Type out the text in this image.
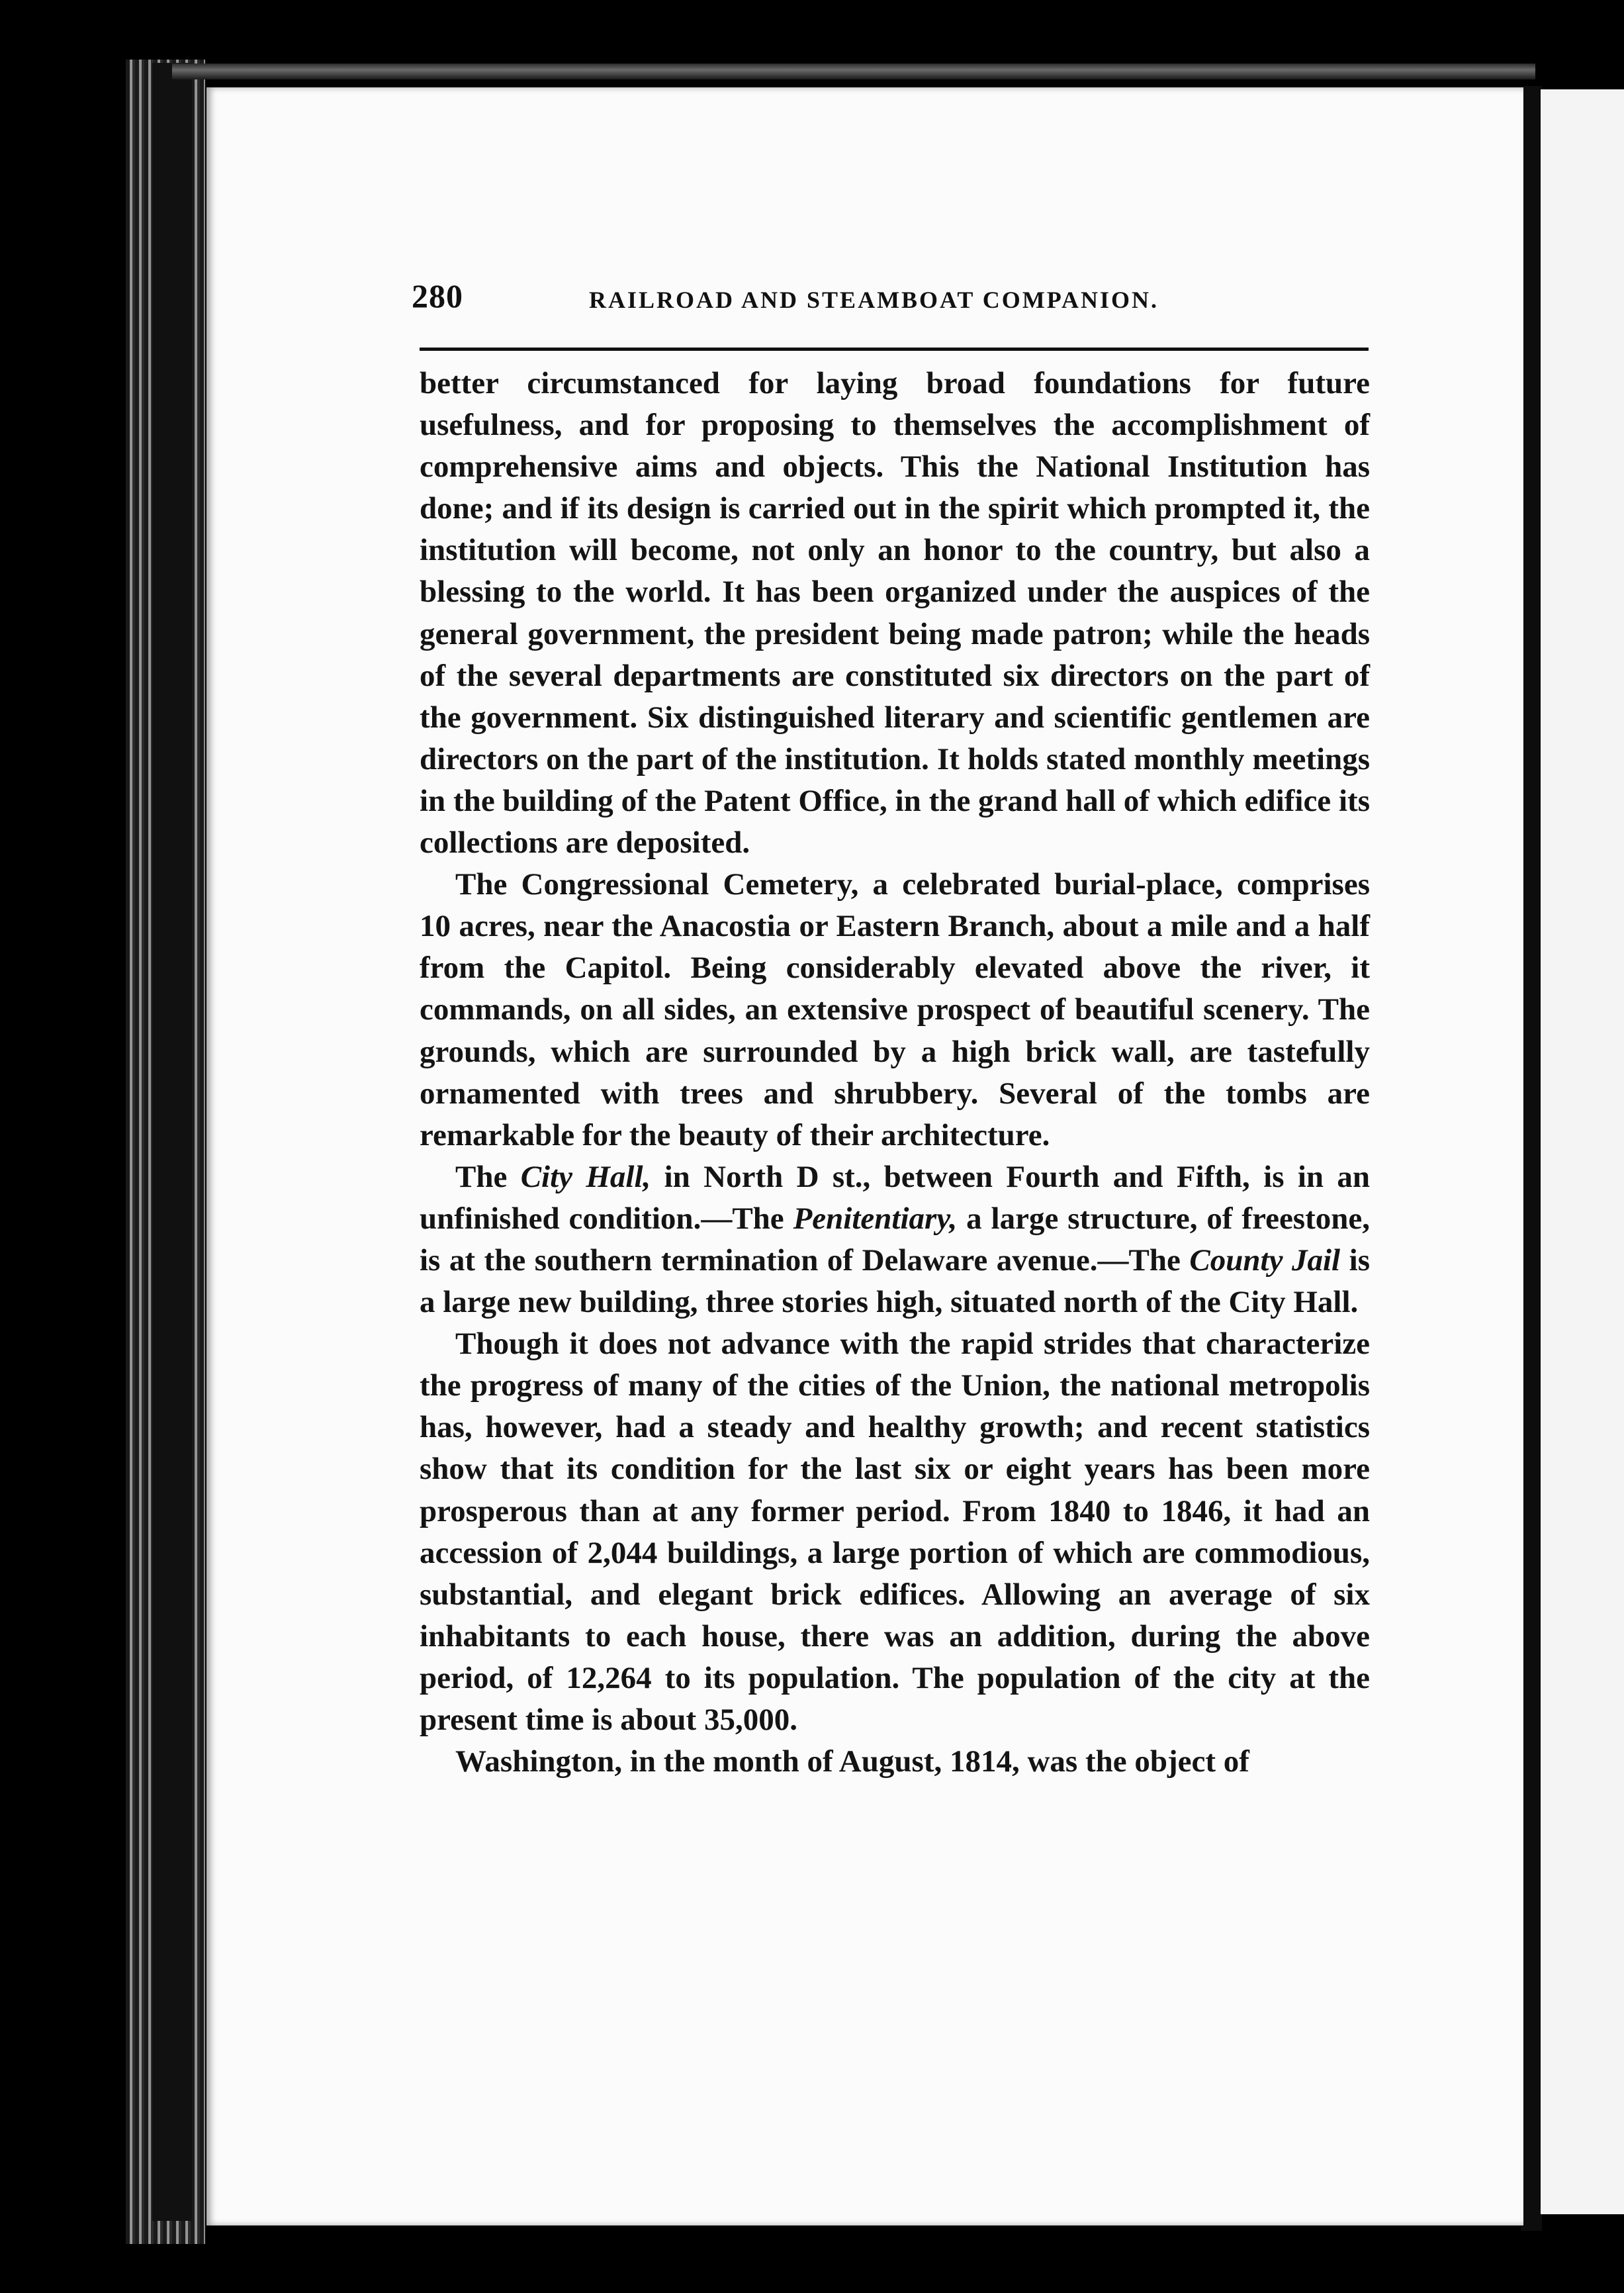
280	RAILROAD AND STEAMBOAT COMPANION.

better circumstanced for laying broad foundations for future usefulness, and for proposing to themselves the accomplishment of comprehensive aims and objects. This the National Institution has done; and if its design is carried out in the spirit which prompted it, the institution will become, not only an honor to the country, but also a blessing to the world. It has been organized under the auspices of the general government, the president being made patron; while the heads of the several departments are constituted six directors on the part of the government. Six distinguished literary and scientific gentlemen are directors on the part of the institution. It holds stated monthly meetings in the building of the Patent Office, in the grand hall of which edifice its collections are deposited.

The Congressional Cemetery, a celebrated burial-place, comprises 10 acres, near the Anacostia or Eastern Branch, about a mile and a half from the Capitol. Being considerably elevated above the river, it commands, on all sides, an extensive prospect of beautiful scenery. The grounds, which are surrounded by a high brick wall, are tastefully ornamented with trees and shrubbery. Several of the tombs are remarkable for the beauty of their architecture.

The City Hall, in North D st., between Fourth and Fifth, is in an unfinished condition.—The Penitentiary, a large structure, of freestone, is at the southern termination of Delaware avenue.—The County Jail is a large new building, three stories high, situated north of the City Hall.

Though it does not advance with the rapid strides that characterize the progress of many of the cities of the Union, the national metropolis has, however, had a steady and healthy growth; and recent statistics show that its condition for the last six or eight years has been more prosperous than at any former period. From 1840 to 1846, it had an accession of 2,044 buildings, a large portion of which are commodious, substantial, and elegant brick edifices. Allowing an average of six inhabitants to each house, there was an addition, during the above period, of 12,264 to its population. The population of the city at the present time is about 35,000.

Washington, in the month of August, 1814, was the object of
